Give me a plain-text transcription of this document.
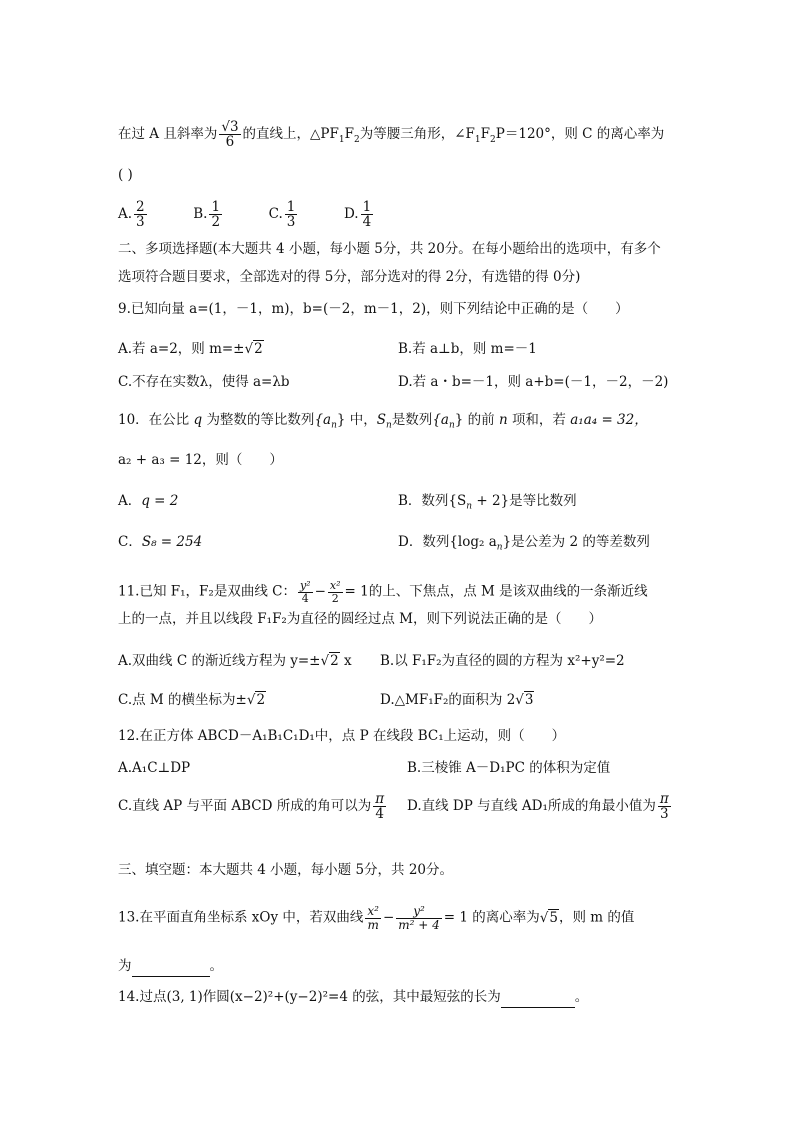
在过 A 且斜率为 $\frac{√3}{6}$ 的直线上，$\triangle PF_1F_2$为等腰三角形，$\angle F_1F_2P=120^\circ$，则 C 的离心率为
( )
A. $\frac{2}{3}$	B. $\frac{1}{2}$	C. $\frac{1}{3}$	D. $\frac{1}{4}$
二、多项选择题(本大题共 4 小题，每小题 5分，共 20分。在每小题给出的选项中，有多个
选项符合题目要求，全部选对的得 5分，部分选对的得 2分，有选错的得 0分)
9.已知向量 a=(1，－1，m)，b=(－2，m－1，2)，则下列结论中正确的是（　　）
A.若 a=2，则 m=±√2	B.若 a⊥b，则 m=－1
C.不存在实数λ，使得 a=λb	D.若 a・b=－1，则 a+b=(－1，－2，－2)
10．在公比 q 为整数的等比数列$\{a_n\}$ 中，$S_n$是数列$\{a_n\}$ 的前 n 项和，若 a₁a₄ = 32，
a₂ + a₃ = 12，则（　　）
A．q = 2	B．数列$\{S_n + 2\}$是等比数列
C．S₈ = 254	D．数列{log₂ $a_n$}是公差为 2 的等差数列
11.已知 F₁，F₂是双曲线 C： $\frac{\text{y²}}{4} - \frac{\text{x²}}{2} = 1$的上、下焦点，点 M 是该双曲线的一条渐近线
上的一点，并且以线段 F₁F₂为直径的圆经过点 M，则下列说法正确的是（　　）
A.双曲线 C 的渐近线方程为 y=±√2 x B.以 F₁F₂为直径的圆的方程为 x²+y²=2
C.点 M 的横坐标为±√2	D.△MF₁F₂的面积为 2√3
12.在正方体 ABCD－A₁B₁C₁D₁中，点 P 在线段 BC₁上运动，则（　　）
A.A₁C⊥DP	B.三棱锥 A－D₁PC 的体积为定值
C.直线 AP 与平面 ABCD 所成的角可以为 $\frac{\pi}{4} D$.直线 DP 与直线 AD₁所成的角最小值为 $\frac{\pi}{3}$
三、填空题：本大题共 4 小题，每小题 5分，共 20分。
13.在平面直角坐标系 xOy 中，若双曲线 $\frac{\text{x²}}{m} - \frac{\text{y²}}{\text{m² + 4}} = 1$ 的离心率为√5，则 m 的值
为	。
14.过点(3, 1)作圆(x−2)²+(y−2)²=4 的弦，其中最短弦的长为	。
